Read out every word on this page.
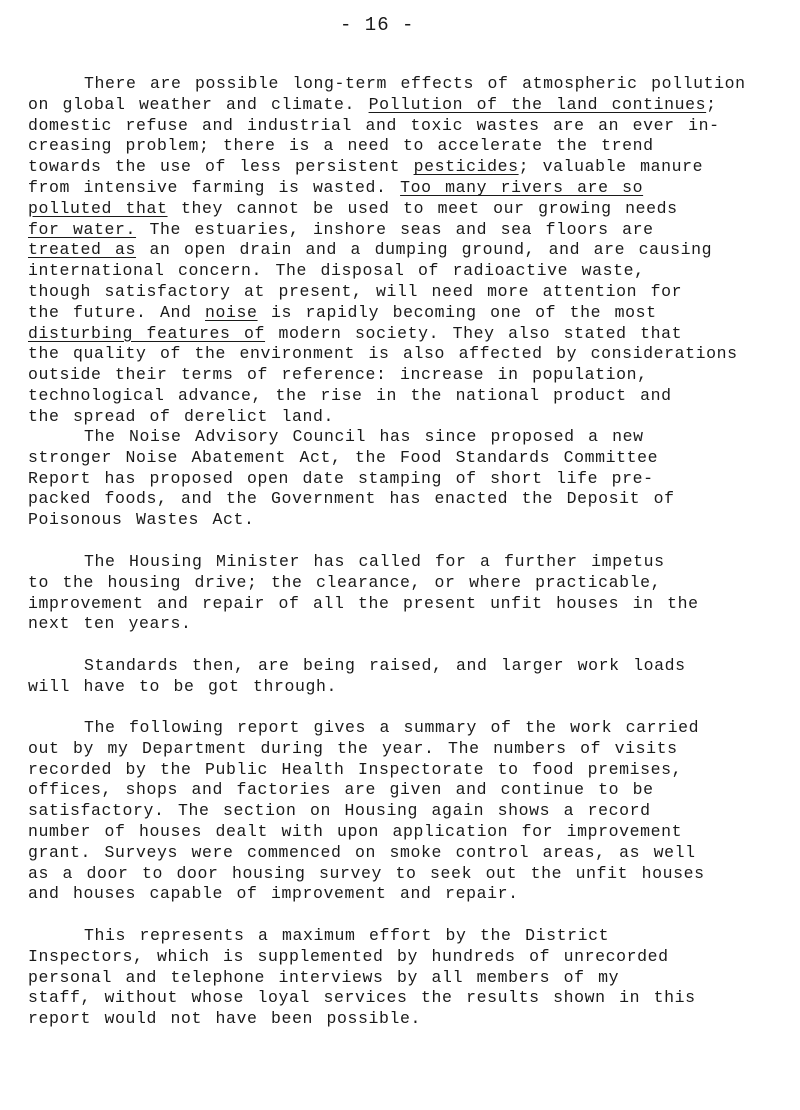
- 16 -
There are possible long-term effects of atmospheric pollution
on global weather and climate. Pollution of the land continues;
domestic refuse and industrial and toxic wastes are an ever in-
creasing problem; there is a need to accelerate the trend
towards the use of less persistent pesticides; valuable manure
from intensive farming is wasted. Too many rivers are so
polluted that they cannot be used to meet our growing needs
for water. The estuaries, inshore seas and sea floors are
treated as an open drain and a dumping ground, and are causing
international concern. The disposal of radioactive waste,
though satisfactory at present, will need more attention for
the future. And noise is rapidly becoming one of the most
disturbing features of modern society. They also stated that
the quality of the environment is also affected by considerations
outside their terms of reference: increase in population,
technological advance, the rise in the national product and
the spread of derelict land.
The Noise Advisory Council has since proposed a new
stronger Noise Abatement Act, the Food Standards Committee
Report has proposed open date stamping of short life pre-
packed foods, and the Government has enacted the Deposit of
Poisonous Wastes Act.
The Housing Minister has called for a further impetus
to the housing drive; the clearance, or where practicable,
improvement and repair of all the present unfit houses in the
next ten years.
Standards then, are being raised, and larger work loads
will have to be got through.
The following report gives a summary of the work carried
out by my Department during the year. The numbers of visits
recorded by the Public Health Inspectorate to food premises,
offices, shops and factories are given and continue to be
satisfactory. The section on Housing again shows a record
number of houses dealt with upon application for improvement
grant. Surveys were commenced on smoke control areas, as well
as a door to door housing survey to seek out the unfit houses
and houses capable of improvement and repair.
This represents a maximum effort by the District
Inspectors, which is supplemented by hundreds of unrecorded
personal and telephone interviews by all members of my
staff, without whose loyal services the results shown in this
report would not have been possible.
